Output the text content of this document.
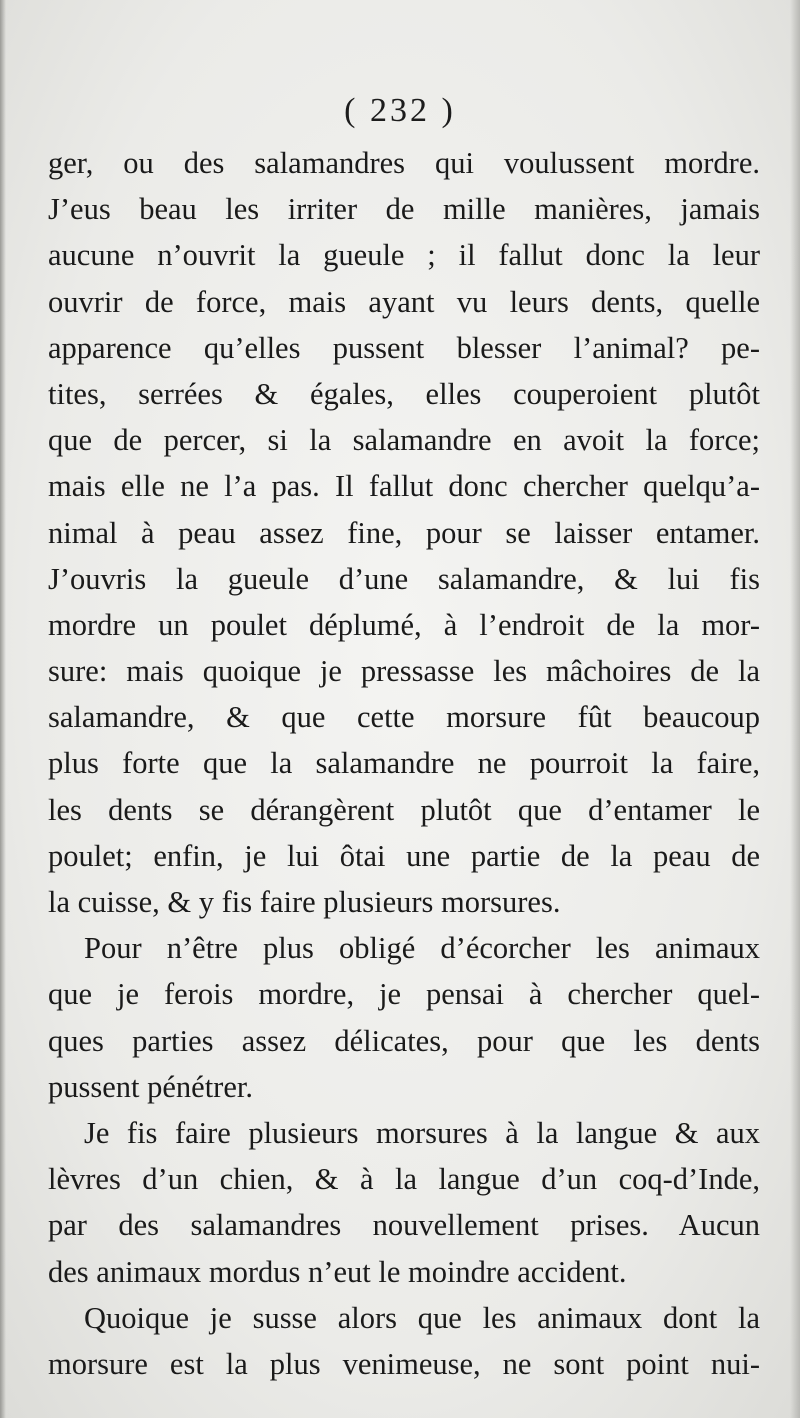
( 232 )
ger, ou des salamandres qui voulussent mordre.
J’eus beau les irriter de mille manières, jamais
aucune n’ouvrit la gueule ; il fallut donc la leur
ouvrir de force, mais ayant vu leurs dents, quelle
apparence qu’elles pussent blesser l’animal? pe-
tites, serrées & égales, elles couperoient plutôt
que de percer, si la salamandre en avoit la force;
mais elle ne l’a pas. Il fallut donc chercher quelqu’a-
nimal à peau assez fine, pour se laisser entamer.
J’ouvris la gueule d’une salamandre, & lui fis
mordre un poulet déplumé, à l’endroit de la mor-
sure: mais quoique je pressasse les mâchoires de la
salamandre, & que cette morsure fût beaucoup
plus forte que la salamandre ne pourroit la faire,
les dents se dérangèrent plutôt que d’entamer le
poulet; enfin, je lui ôtai une partie de la peau de
la cuisse, & y fis faire plusieurs morsures.
Pour n’être plus obligé d’écorcher les animaux
que je ferois mordre, je pensai à chercher quel-
ques parties assez délicates, pour que les dents
pussent pénétrer.
Je fis faire plusieurs morsures à la langue & aux
lèvres d’un chien, & à la langue d’un coq-d’Inde,
par des salamandres nouvellement prises. Aucun
des animaux mordus n’eut le moindre accident.
Quoique je susse alors que les animaux dont la
morsure est la plus venimeuse, ne sont point nui-
